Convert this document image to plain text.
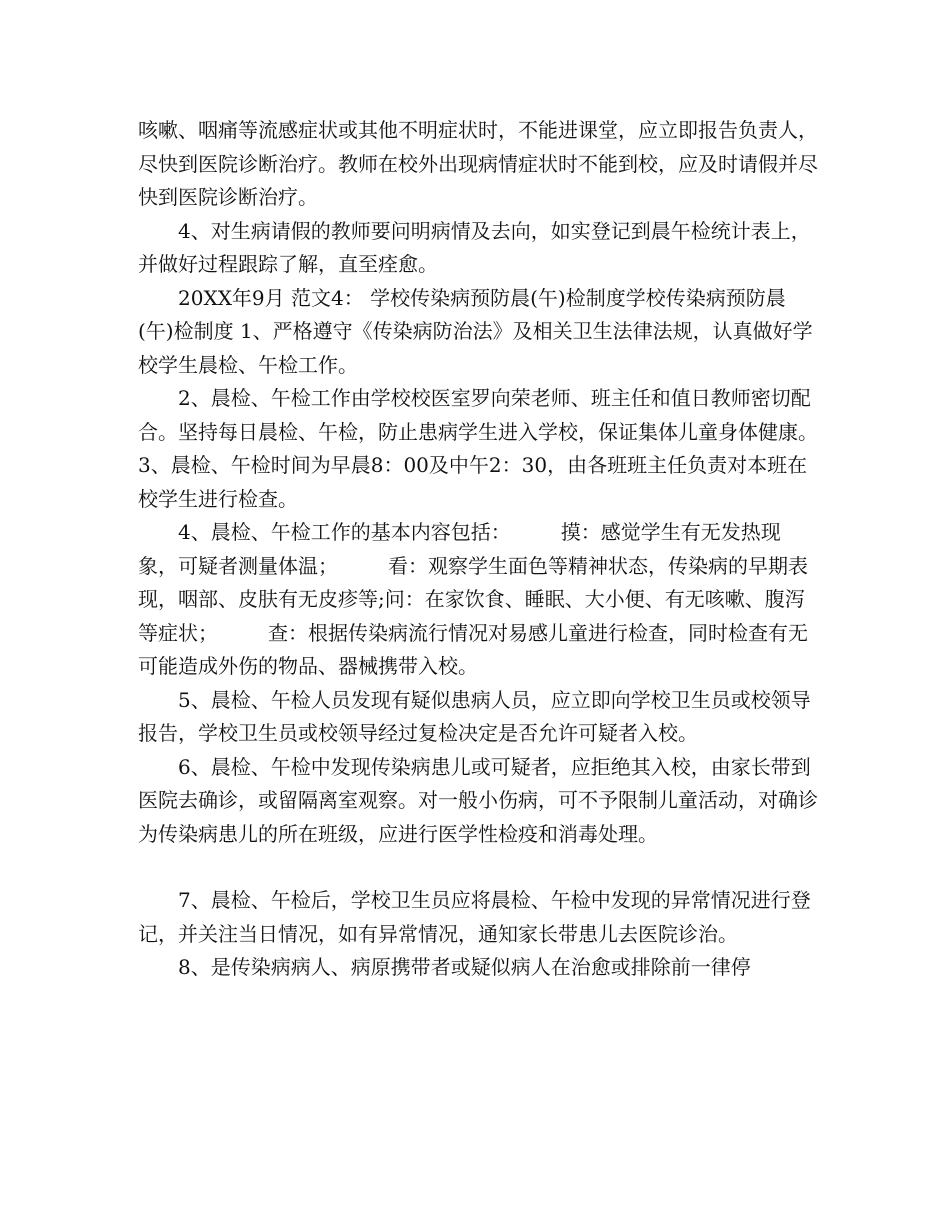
咳嗽、咽痛等流感症状或其他不明症状时，不能进课堂，应立即报告负责人，尽快到医院诊断治疗。教师在校外出现病情症状时不能到校，应及时请假并尽快到医院诊断治疗。

4、对生病请假的教师要问明病情及去向，如实登记到晨午检统计表上，并做好过程跟踪了解，直至痊愈。

20XX年9月 范文4： 学校传染病预防晨(午)检制度学校传染病预防晨(午)检制度 1、严格遵守《传染病防治法》及相关卫生法律法规，认真做好学校学生晨检、午检工作。

2、晨检、午检工作由学校校医室罗向荣老师、班主任和值日教师密切配合。坚持每日晨检、午检，防止患病学生进入学校，保证集体儿童身体健康。3、晨检、午检时间为早晨8：00及中午2：30，由各班班主任负责对本班在校学生进行检查。

4、晨检、午检工作的基本内容包括：　　　摸：感觉学生有无发热现象，可疑者测量体温；　　　看：观察学生面色等精神状态，传染病的早期表现，咽部、皮肤有无皮疹等;问：在家饮食、睡眠、大小便、有无咳嗽、腹泻等症状；　　　查：根据传染病流行情况对易感儿童进行检查，同时检查有无可能造成外伤的物品、器械携带入校。

5、晨检、午检人员发现有疑似患病人员，应立即向学校卫生员或校领导报告，学校卫生员或校领导经过复检决定是否允许可疑者入校。

6、晨检、午检中发现传染病患儿或可疑者，应拒绝其入校，由家长带到医院去确诊，或留隔离室观察。对一般小伤病，可不予限制儿童活动，对确诊为传染病患儿的所在班级，应进行医学性检疫和消毒处理。

7、晨检、午检后，学校卫生员应将晨检、午检中发现的异常情况进行登记，并关注当日情况，如有异常情况，通知家长带患儿去医院诊治。

8、是传染病病人、病原携带者或疑似病人在治愈或排除前一律停
